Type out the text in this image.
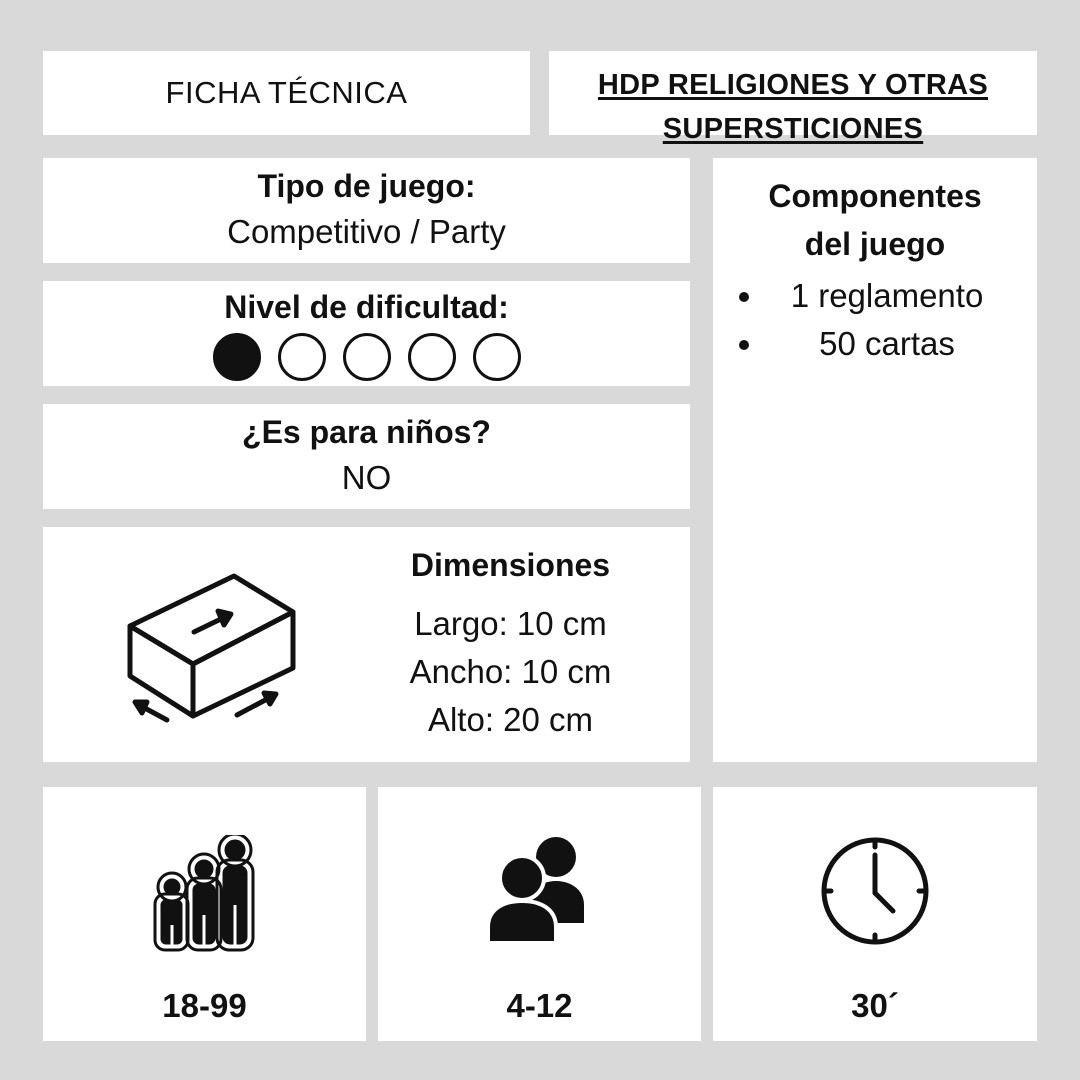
FICHA TÉCNICA	HDP RELIGIONES Y OTRAS
SUPERSTICIONES
Tipo de juego:
Competitivo / Party
Nivel de dificultad:
¿Es para niños?
NO
Dimensiones
Largo: 10 cm
Ancho: 10 cm
Alto: 20 cm
Componentes
del juego
1 reglamento
50 cartas
18-99	4-12	30´
